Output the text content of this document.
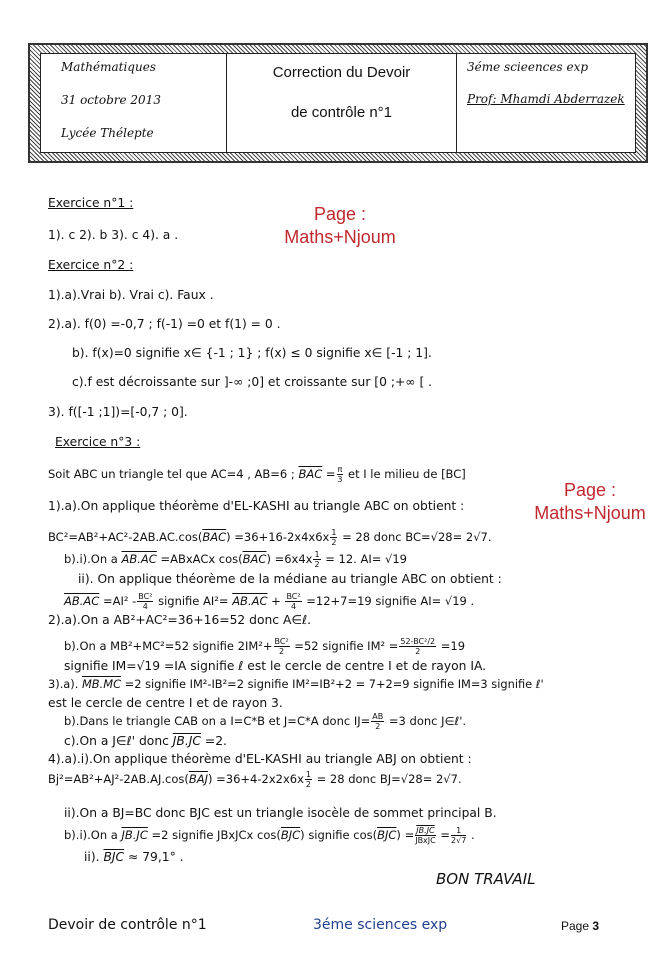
Mathématiques
31 octobre 2013
Lycée Thélepte
Correction du Devoir
de contrôle n°1
3éme scieences exp
Prof: Mhamdi Abderrazek
Page :
Maths+Njoum
Page :
Maths+Njoum
Exercice n°1 :
1). c 2). b 3). c 4). a .
Exercice n°2 :
1).a).Vrai b). Vrai c). Faux .
2).a). f(0) =-0,7 ; f(-1) =0 et f(1) = 0 .
b). f(x)=0 signifie x∈ {-1 ; 1} ; f(x) ≤ 0 signifie x∈ [-1 ; 1].
c).f est décroissante sur ]-∞ ;0] et croissante sur [0 ;+∞ [ .
3). f([-1 ;1])=[-0,7 ; 0].
Exercice n°3 :
Soit ABC un triangle tel que AC=4 , AB=6 ; $\overline{BAC} = \frac{\pi}{3}$ et I le milieu de [BC]
1).a).On applique théorème d'EL-KASHI au triangle ABC on obtient :
$BC^2=AB^2+AC^2-2AB.AC.\cos(\overline{BAC}) =36+16-2x4x6x \frac{1}{2} = 28$ donc BC=√28= 2√7.
b).i).On a AB.AC =ABxACx $\cos(\overline{BAC}) =6x4x \frac{1}{2} = 12$. AI= √19
ii). On applique théorème de la médiane au triangle ABC on obtient :
$AB.AC =AI^2 - \frac{\text{BC²}}{4}$ signifie $AI^2= AB.AC + \frac{\text{BC²}}{4} =12+7=19$ signifie AI= √19 .
2).a).On a AB²+AC²=36+16=52 donc A∈ℓ.
b).On a MB²+MC²=52 signifie $2IM^2+ \frac{\text{BC²}}{2} =52$ signifie $IM^2 = \frac{\text{52-BC²/2}}{2} =19$
signifie IM=√19 =IA signifie ℓ est le cercle de centre I et de rayon IA.
3).a). MB.MC =2 signifie IM²-IB²=2 signifie IM²=IB²+2 = 7+2=9 signifie IM=3 signifie ℓ'
est le cercle de centre I et de rayon 3.
b).Dans le triangle CAB on a I=C*B et J=C*A donc $IJ= \frac{AB}{2} =3$ donc J∈ℓ'.
c).On a J∈ℓ' donc JB.JC =2.
4).a).i).On applique théorème d'EL-KASHI au triangle ABJ on obtient :
$Bj^2=AB^2+AJ^2-2AB.AJ.\cos(\overline{BAJ}) =36+4-2x2x6x \frac{1}{2} = 28$ donc BJ=√28= 2√7.
ii).On a BJ=BC donc BJC est un triangle isocèle de sommet principal B.
b).i).On a JB.JC =2 signifie JBxJCx $\cos(\overline{BJC})$ signifie $\cos(\overline{BJC}) = \frac{JB.JC}{\text{JBxJC}} = \frac{1}{2√7}$ .
ii). $\overline{BJC} \approx 79,1^\circ$ .
BON TRAVAIL
Devoir de contrôle n°1	3éme sciences exp	Page 3
